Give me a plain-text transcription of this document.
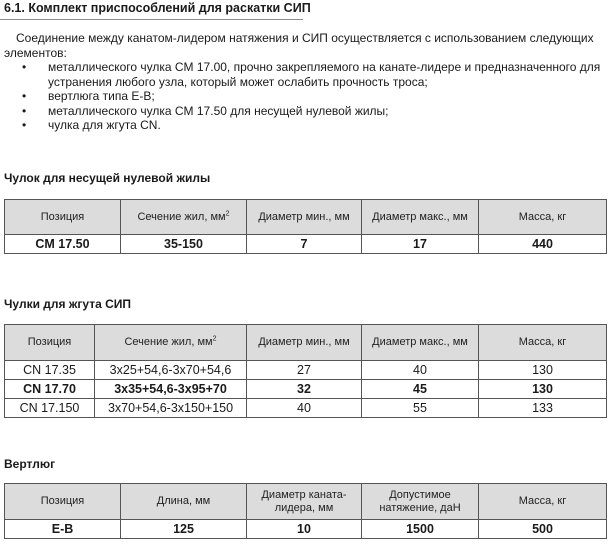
6.1. Комплект приспособлений для раскатки СИП

Соединение между канатом-лидером натяжения и СИП осуществляется с использованием следующих элементов:

• металлического чулка CM 17.00, прочно закрепляемого на канате-лидере и предназначенного для устранения любого узла, который может ослабить прочность троса;
• вертлюга типа E-B;
• металлического чулка CM 17.50 для несущей нулевой жилы;
• чулка для жгута CN.
Чулок для несущей нулевой жилы
Позиция	Сечение жил, $мм^2$	Диаметр мин., мм	Диаметр макс., мм	Масса, кг
CM 17.50	35-150	7	17	440
Чулки для жгута СИП
Позиция	Сечение жил, $мм^2$	Диаметр мин., мм	Диаметр макс., мм	Масса, кг
CN 17.35	3x25+54,6-3x70+54,6	27	40	130
CN 17.70	3x35+54,6-3x95+70	32	45	130
CN 17.150	3x70+54,6-3x150+150	40	55	133
Вертлюг
Позиция	Длина, мм	Диаметр каната-лидера, мм	Допустимое натяжение, даН	Масса, кг
E-B	125	10	1500	500
